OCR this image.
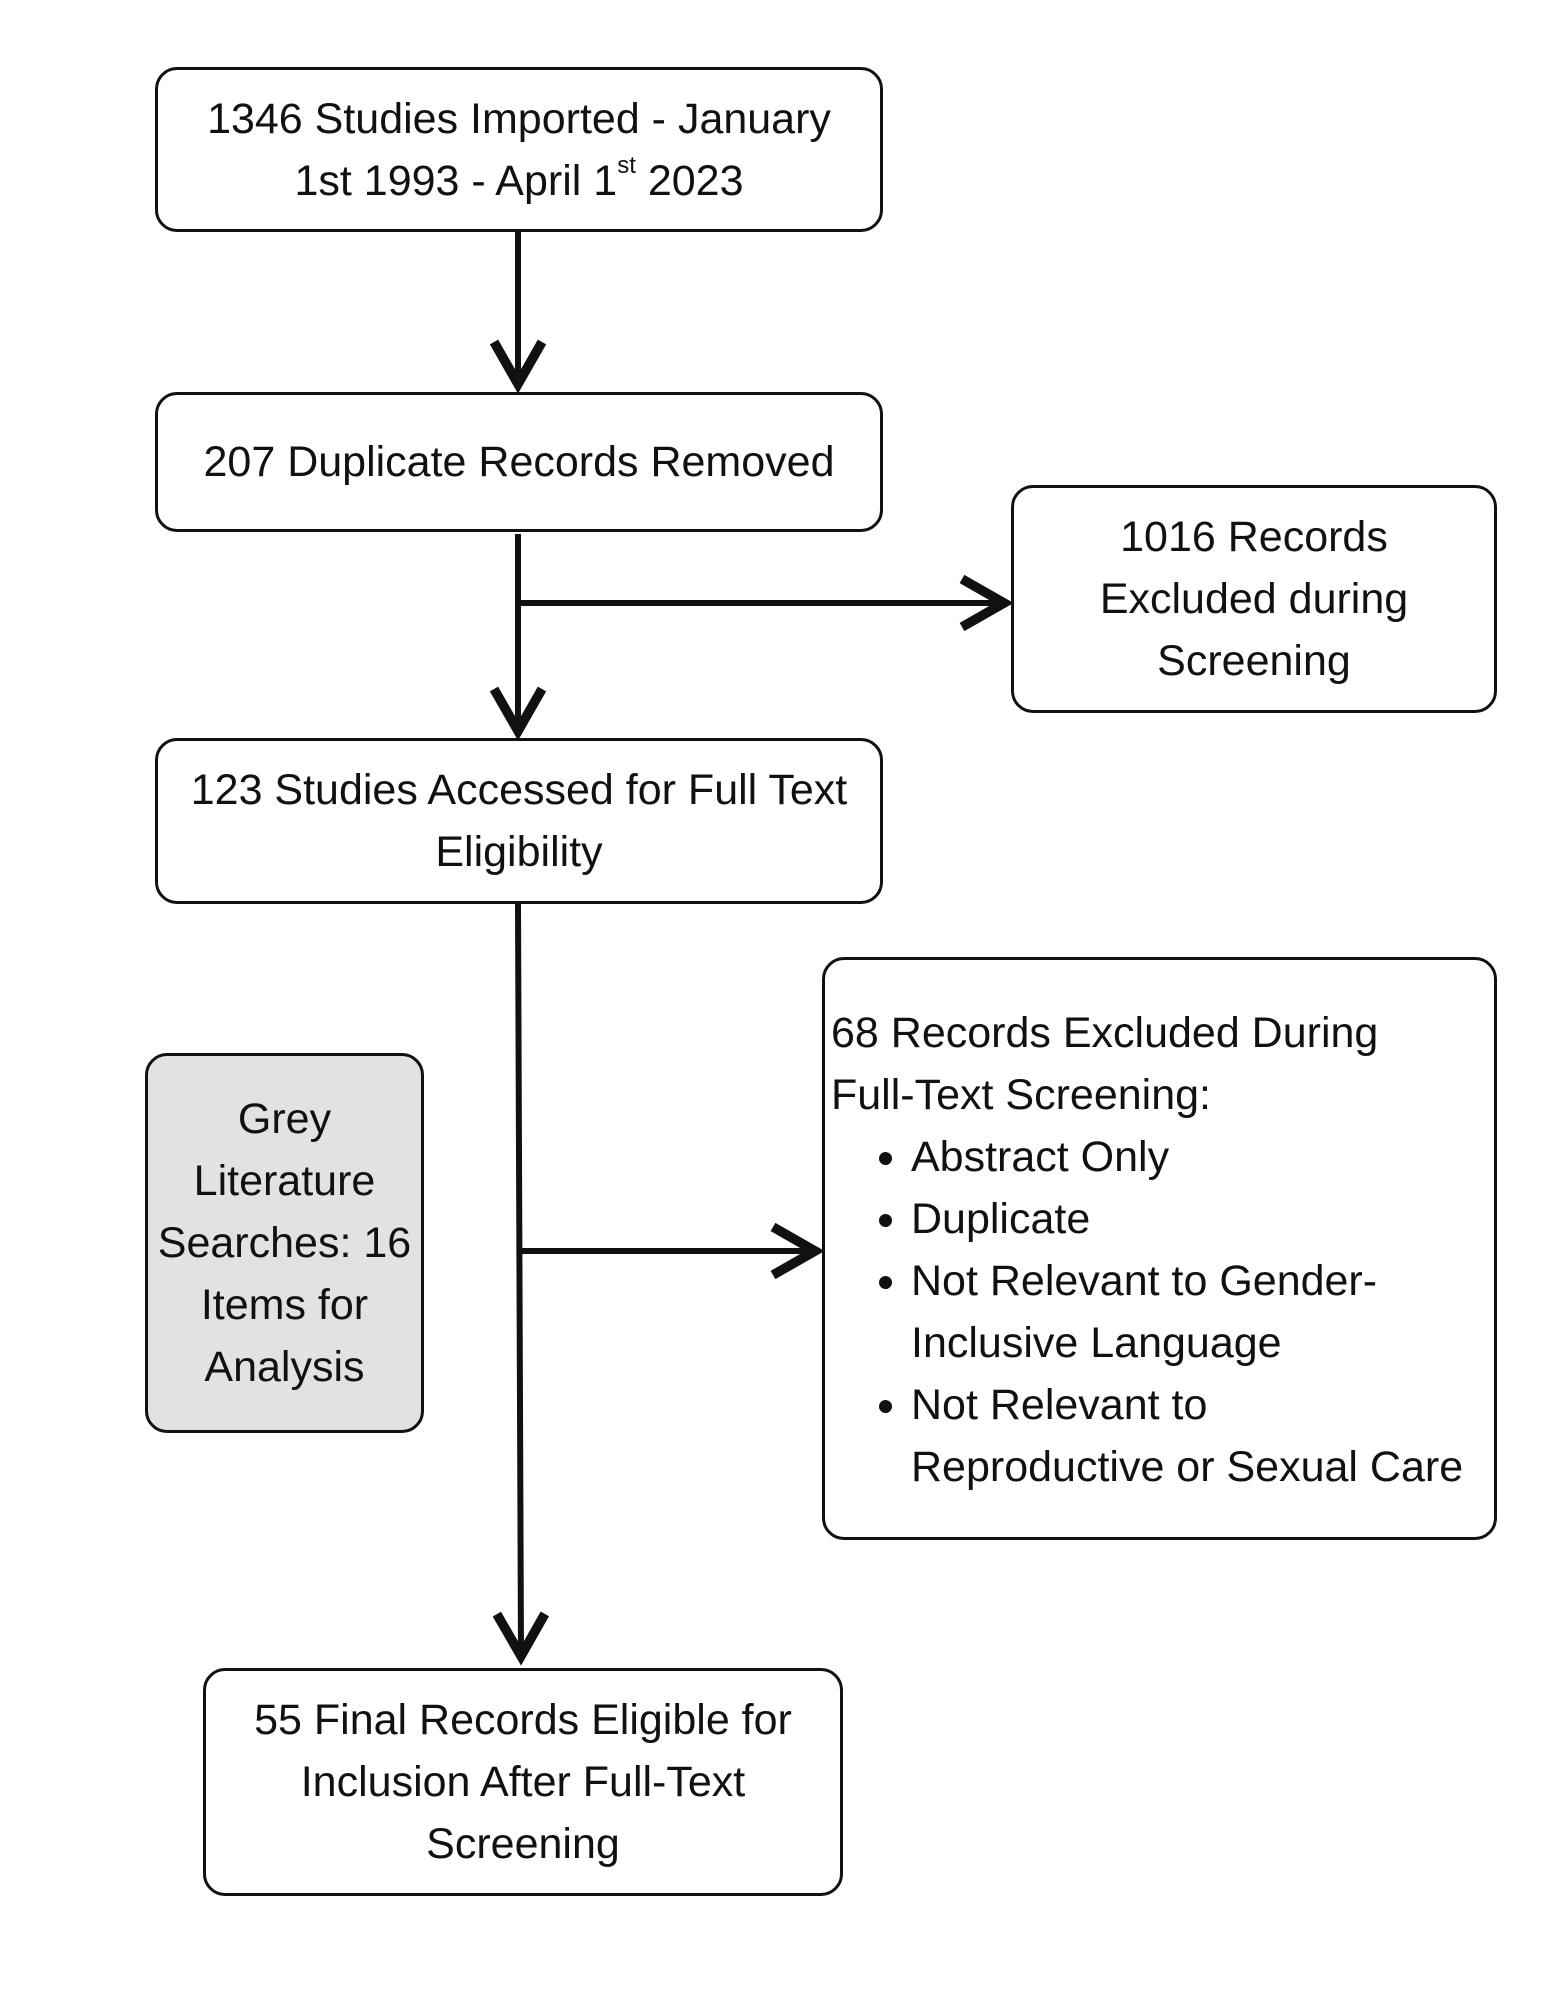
1346 Studies Imported - January
1st 1993 - April 1st 2023
207 Duplicate Records Removed
1016 Records
Excluded during
Screening
123 Studies Accessed for Full Text
Eligibility
Grey
Literature
Searches: 16
Items for
Analysis
68 Records Excluded During
Full-Text Screening:
• Abstract Only
• Duplicate
• Not Relevant to Gender-Inclusive Language
• Not Relevant to Reproductive or Sexual Care
55 Final Records Eligible for
Inclusion After Full-Text
Screening
